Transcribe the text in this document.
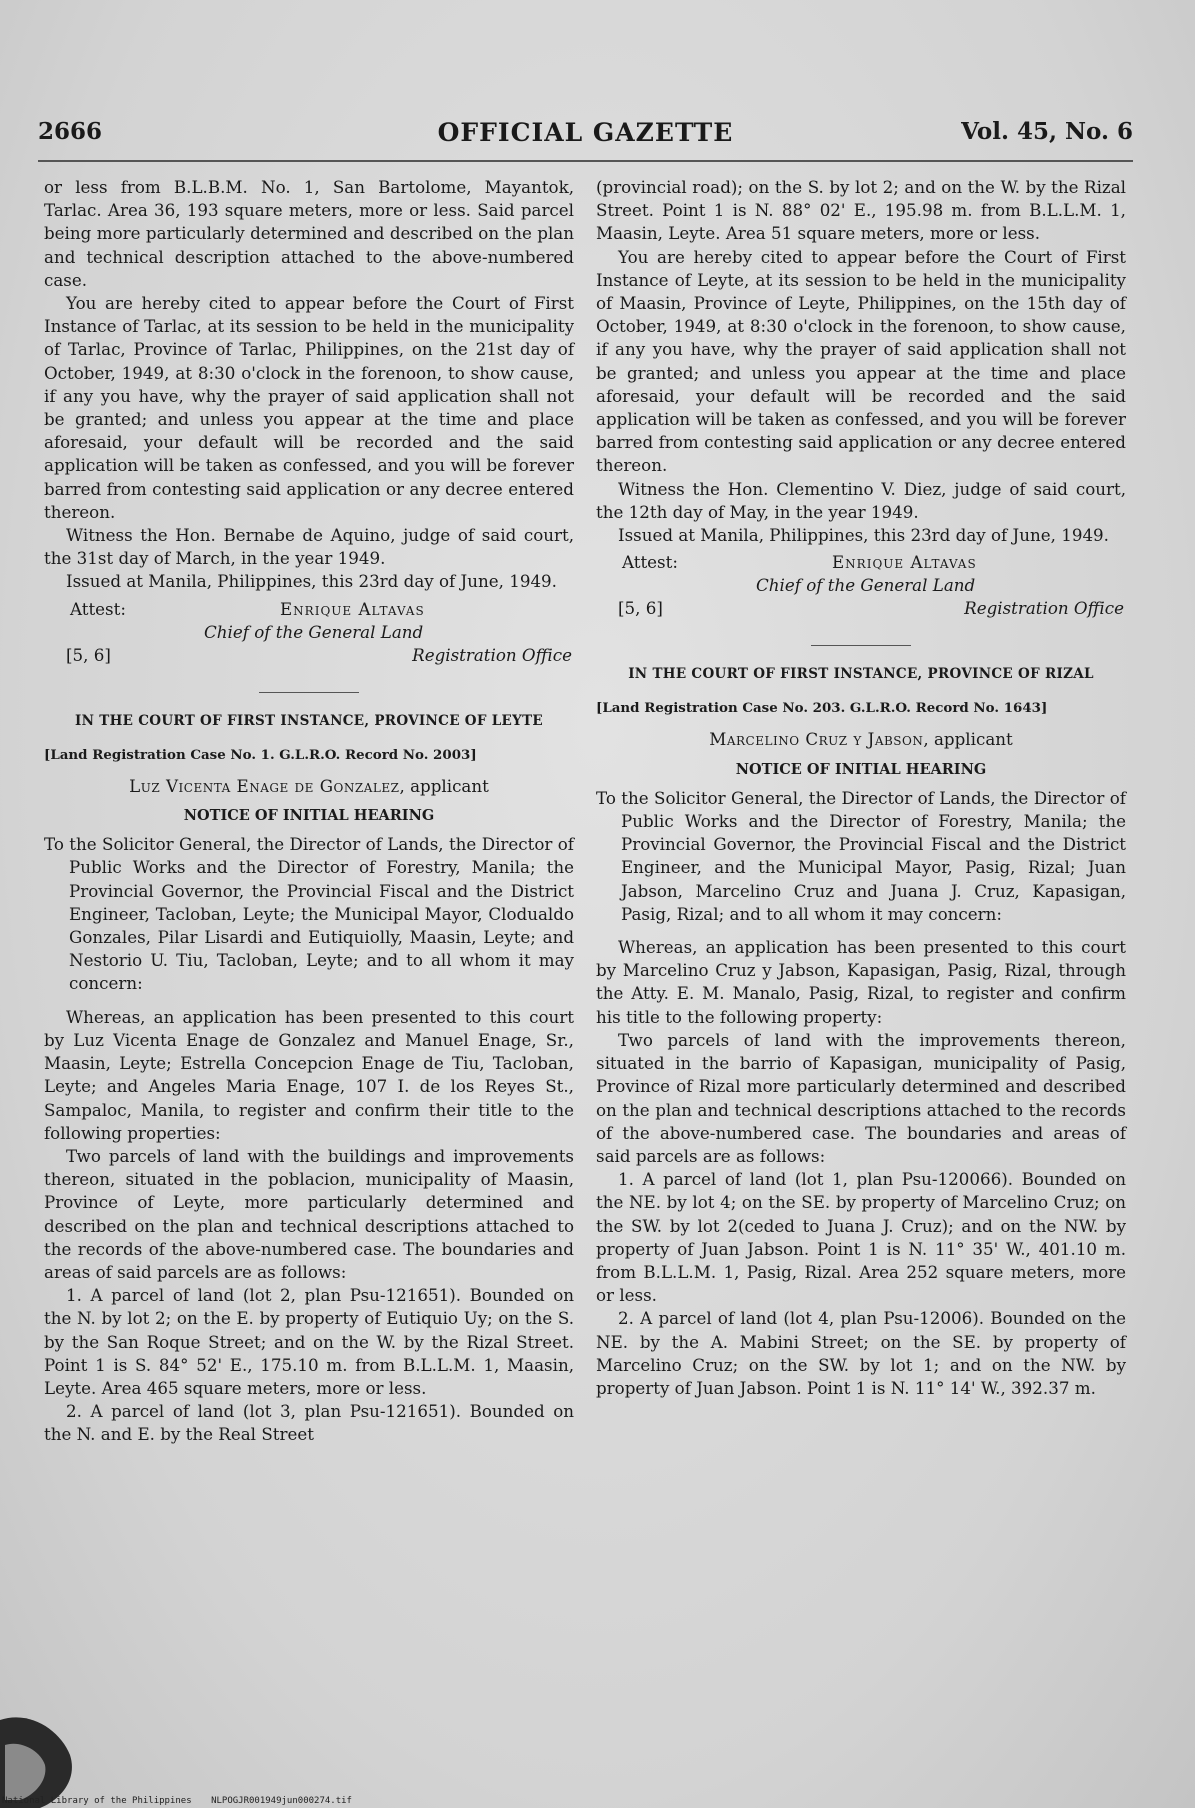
2666	OFFICIAL GAZETTE	Vol. 45, No. 6

or less from B.L.B.M. No. 1, San Bartolome, Mayantok, Tarlac. Area 36, 193 square meters, more or less. Said parcel being more particularly determined and described on the plan and technical description attached to the above-numbered case.

You are hereby cited to appear before the Court of First Instance of Tarlac, at its session to be held in the municipality of Tarlac, Province of Tarlac, Philippines, on the 21st day of October, 1949, at 8:30 o'clock in the forenoon, to show cause, if any you have, why the prayer of said application shall not be granted; and unless you appear at the time and place aforesaid, your default will be recorded and the said application will be taken as confessed, and you will be forever barred from contesting said application or any decree entered thereon.

Witness the Hon. Bernabe de Aquino, judge of said court, the 31st day of March, in the year 1949.

Issued at Manila, Philippines, this 23rd day of June, 1949.

Attest:	Enrique Altavas
Chief of the General Land
[5, 6]	Registration Office
IN THE COURT OF FIRST INSTANCE, PROVINCE OF LEYTE
[Land Registration Case No. 1. G.L.R.O. Record No. 2003]
Luz Vicenta Enage de Gonzalez, applicant
NOTICE OF INITIAL HEARING
To the Solicitor General, the Director of Lands, the Director of Public Works and the Director of Forestry, Manila; the Provincial Governor, the Provincial Fiscal and the District Engineer, Tacloban, Leyte; the Municipal Mayor, Clodualdo Gonzales, Pilar Lisardi and Eutiquiolly, Maasin, Leyte; and Nestorio U. Tiu, Tacloban, Leyte; and to all whom it may concern:

Whereas, an application has been presented to this court by Luz Vicenta Enage de Gonzalez and Manuel Enage, Sr., Maasin, Leyte; Estrella Concepcion Enage de Tiu, Tacloban, Leyte; and Angeles Maria Enage, 107 I. de los Reyes St., Sampaloc, Manila, to register and confirm their title to the following properties:

Two parcels of land with the buildings and improvements thereon, situated in the poblacion, municipality of Maasin, Province of Leyte, more particularly determined and described on the plan and technical descriptions attached to the records of the above-numbered case. The boundaries and areas of said parcels are as follows:

1. A parcel of land (lot 2, plan Psu-121651). Bounded on the N. by lot 2; on the E. by property of Eutiquio Uy; on the S. by the San Roque Street; and on the W. by the Rizal Street. Point 1 is S. 84° 52' E., 175.10 m. from B.L.L.M. 1, Maasin, Leyte. Area 465 square meters, more or less.

2. A parcel of land (lot 3, plan Psu-121651). Bounded on the N. and E. by the Real Street

(provincial road); on the S. by lot 2; and on the W. by the Rizal Street. Point 1 is N. 88° 02' E., 195.98 m. from B.L.L.M. 1, Maasin, Leyte. Area 51 square meters, more or less.

You are hereby cited to appear before the Court of First Instance of Leyte, at its session to be held in the municipality of Maasin, Province of Leyte, Philippines, on the 15th day of October, 1949, at 8:30 o'clock in the forenoon, to show cause, if any you have, why the prayer of said application shall not be granted; and unless you appear at the time and place aforesaid, your default will be recorded and the said application will be taken as confessed, and you will be forever barred from contesting said application or any decree entered thereon.

Witness the Hon. Clementino V. Diez, judge of said court, the 12th day of May, in the year 1949.

Issued at Manila, Philippines, this 23rd day of June, 1949.

Attest:	Enrique Altavas
Chief of the General Land
[5, 6]	Registration Office
IN THE COURT OF FIRST INSTANCE, PROVINCE OF RIZAL
[Land Registration Case No. 203. G.L.R.O. Record No. 1643]
Marcelino Cruz y Jabson, applicant
NOTICE OF INITIAL HEARING
To the Solicitor General, the Director of Lands, the Director of Public Works and the Director of Forestry, Manila; the Provincial Governor, the Provincial Fiscal and the District Engineer, and the Municipal Mayor, Pasig, Rizal; Juan Jabson, Marcelino Cruz and Juana J. Cruz, Kapasigan, Pasig, Rizal; and to all whom it may concern:

Whereas, an application has been presented to this court by Marcelino Cruz y Jabson, Kapasigan, Pasig, Rizal, through the Atty. E. M. Manalo, Pasig, Rizal, to register and confirm his title to the following property:

Two parcels of land with the improvements thereon, situated in the barrio of Kapasigan, municipality of Pasig, Province of Rizal more particularly determined and described on the plan and technical descriptions attached to the records of the above-numbered case. The boundaries and areas of said parcels are as follows:

1. A parcel of land (lot 1, plan Psu-120066). Bounded on the NE. by lot 4; on the SE. by property of Marcelino Cruz; on the SW. by lot 2(ceded to Juana J. Cruz); and on the NW. by property of Juan Jabson. Point 1 is N. 11° 35' W., 401.10 m. from B.L.L.M. 1, Pasig, Rizal. Area 252 square meters, more or less.

2. A parcel of land (lot 4, plan Psu-12006). Bounded on the NE. by the A. Mabini Street; on the SE. by property of Marcelino Cruz; on the SW. by lot 1; and on the NW. by property of Juan Jabson. Point 1 is N. 11° 14' W., 392.37 m.

National Library of the Philippines NLPOGJR001949jun000274.tif
